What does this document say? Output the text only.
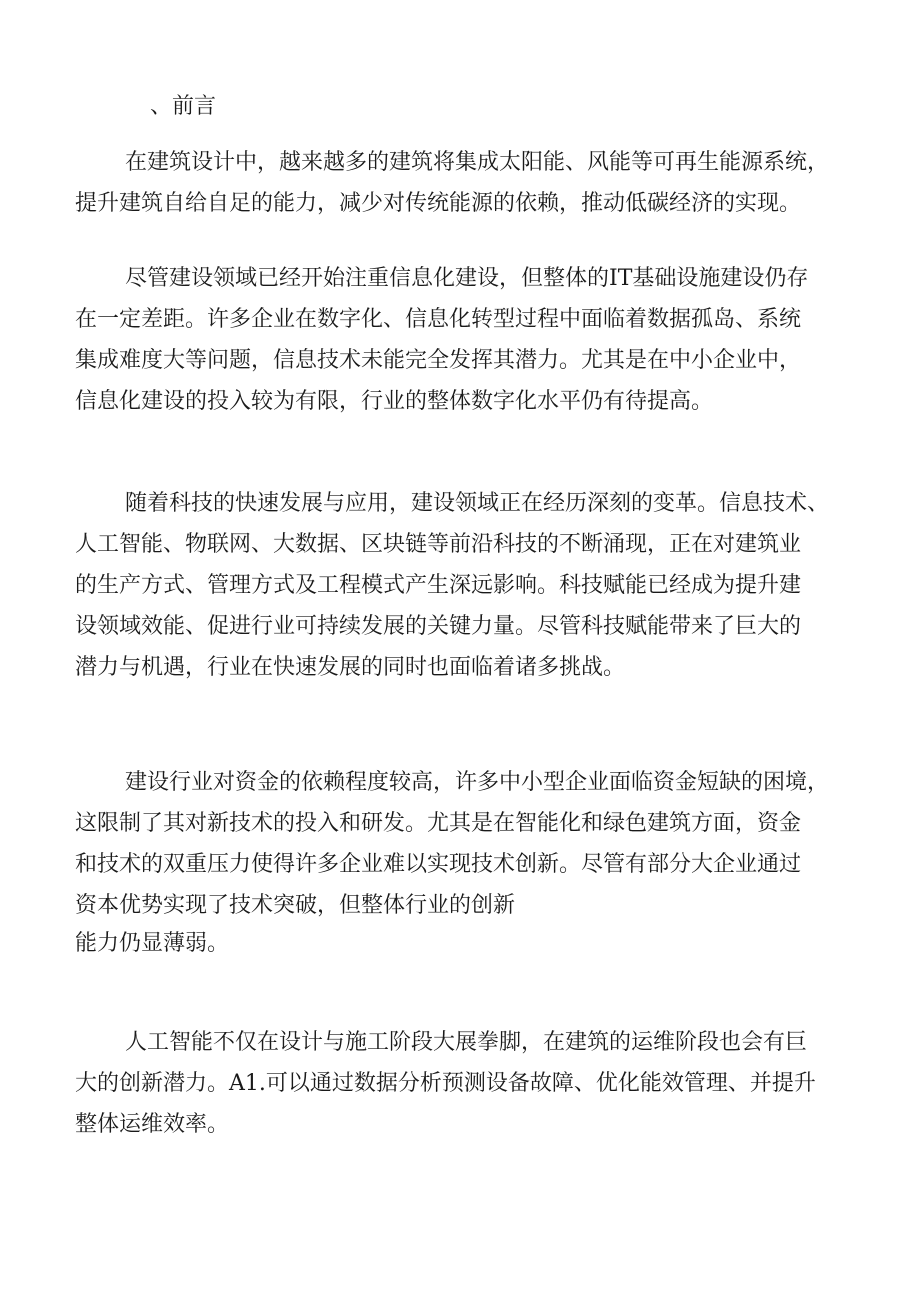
、前言
在建筑设计中，越来越多的建筑将集成太阳能、风能等可再生能源系统，
提升建筑自给自足的能力，减少对传统能源的依赖，推动低碳经济的实现。
尽管建设领域已经开始注重信息化建设，但整体的IT基础设施建设仍存
在一定差距。许多企业在数字化、信息化转型过程中面临着数据孤岛、系统
集成难度大等问题，信息技术未能完全发挥其潜力。尤其是在中小企业中，
信息化建设的投入较为有限，行业的整体数字化水平仍有待提高。
随着科技的快速发展与应用，建设领域正在经历深刻的变革。信息技术、
人工智能、物联网、大数据、区块链等前沿科技的不断涌现，正在对建筑业
的生产方式、管理方式及工程模式产生深远影响。科技赋能已经成为提升建
设领域效能、促进行业可持续发展的关键力量。尽管科技赋能带来了巨大的
潜力与机遇，行业在快速发展的同时也面临着诸多挑战。
建设行业对资金的依赖程度较高，许多中小型企业面临资金短缺的困境，
这限制了其对新技术的投入和研发。尤其是在智能化和绿色建筑方面，资金
和技术的双重压力使得许多企业难以实现技术创新。尽管有部分大企业通过
资本优势实现了技术突破，但整体行业的创新
能力仍显薄弱。
人工智能不仅在设计与施工阶段大展拳脚，在建筑的运维阶段也会有巨
大的创新潜力。A1.可以通过数据分析预测设备故障、优化能效管理、并提升
整体运维效率。
